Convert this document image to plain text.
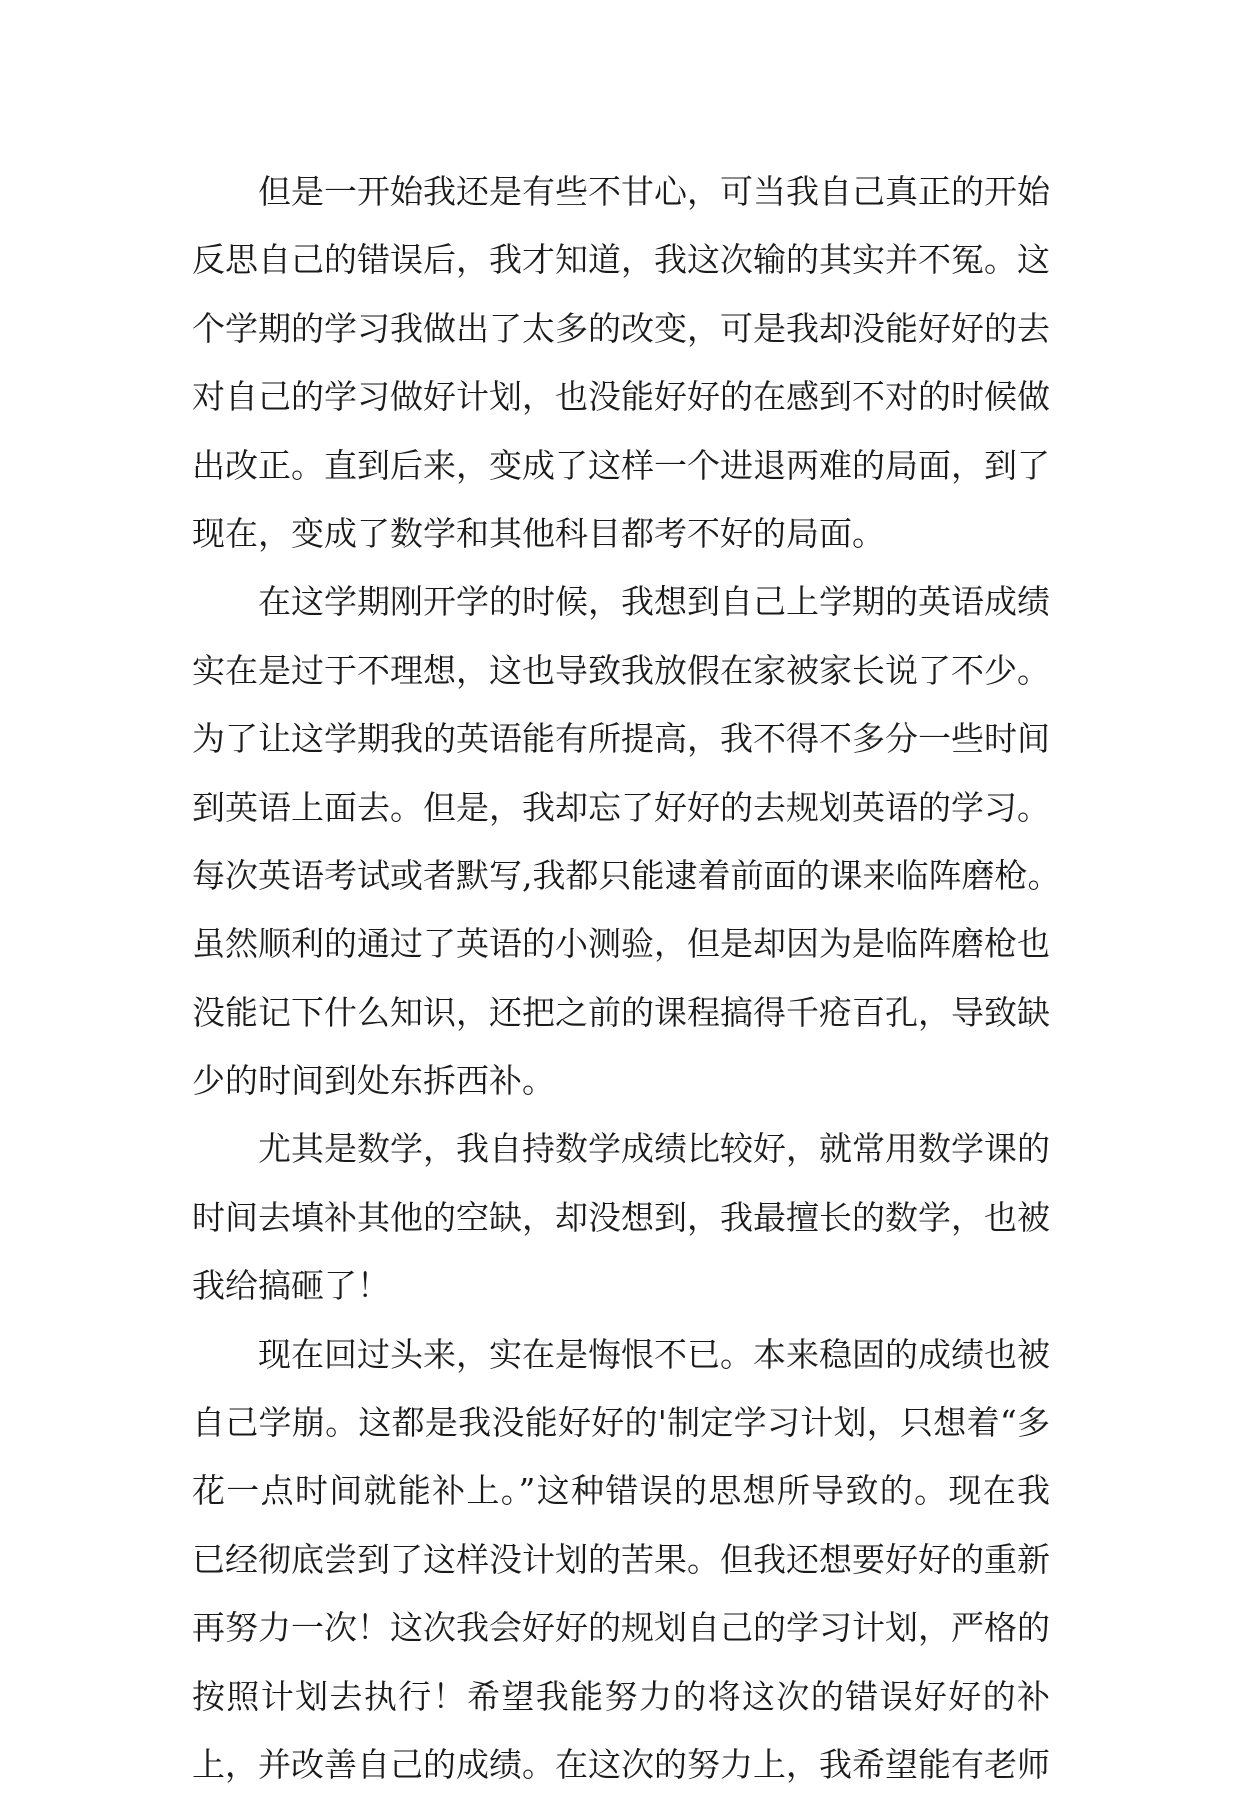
但是一开始我还是有些不甘心，可当我自己真正的开始
反思自己的错误后，我才知道，我这次输的其实并不冤。这
个学期的学习我做出了太多的改变，可是我却没能好好的去
对自己的学习做好计划，也没能好好的在感到不对的时候做
出改正。直到后来，变成了这样一个进退两难的局面，到了
现在，变成了数学和其他科目都考不好的局面。
在这学期刚开学的时候，我想到自己上学期的英语成绩
实在是过于不理想，这也导致我放假在家被家长说了不少。
为了让这学期我的英语能有所提高，我不得不多分一些时间
到英语上面去。但是，我却忘了好好的去规划英语的学习。
每次英语考试或者默写,我都只能逮着前面的课来临阵磨枪。
虽然顺利的通过了英语的小测验，但是却因为是临阵磨枪也
没能记下什么知识，还把之前的课程搞得千疮百孔，导致缺
少的时间到处东拆西补。
尤其是数学，我自持数学成绩比较好，就常用数学课的
时间去填补其他的空缺，却没想到，我最擅长的数学，也被
我给搞砸了！
现在回过头来，实在是悔恨不已。本来稳固的成绩也被
自己学崩。这都是我没能好好的'制定学习计划，只想着“多
花一点时间就能补上。”这种错误的思想所导致的。现在我
已经彻底尝到了这样没计划的苦果。但我还想要好好的重新
再努力一次！这次我会好好的规划自己的学习计划，严格的
按照计划去执行！希望我能努力的将这次的错误好好的补
上，并改善自己的成绩。在这次的努力上，我希望能有老师
